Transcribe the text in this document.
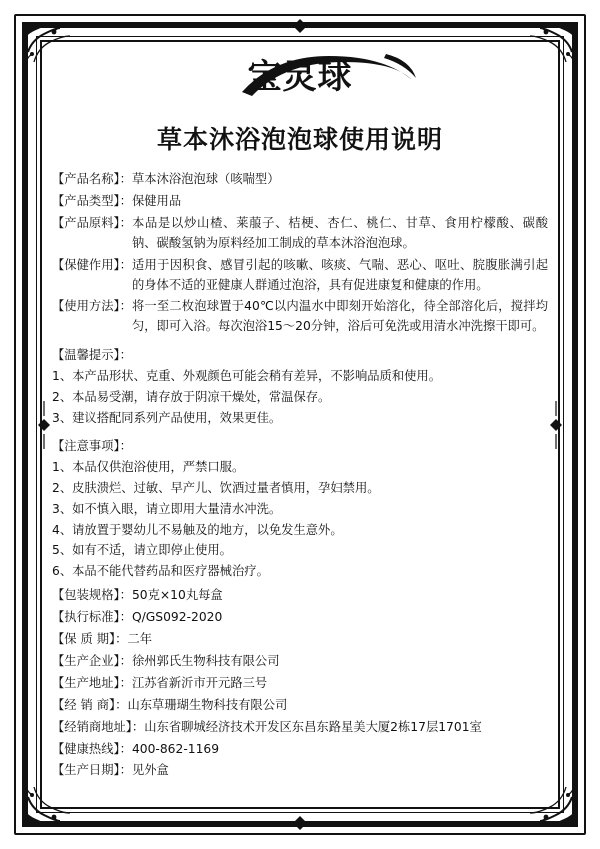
宝灵球
草本沐浴泡泡球使用说明
【产品名称】： 草本沐浴泡泡球（咳喘型）
【产品类型】： 保健用品
【产品原料】： 本品是以炒山楂、莱菔子、桔梗、杏仁、桃仁、甘草、食用柠檬酸、碳酸钠、碳酸氢钠为原料经加工制成的草本沐浴泡泡球。
【保健作用】： 适用于因积食、感冒引起的咳嗽、咳痰、气喘、恶心、呕吐、脘腹胀满引起的身体不适的亚健康人群通过泡浴，具有促进康复和健康的作用。
【使用方法】： 将一至二枚泡球置于40℃以内温水中即刻开始溶化，待全部溶化后，搅拌均匀，即可入浴。每次泡浴15～20分钟，浴后可免洗或用清水冲洗擦干即可。
【温馨提示】：
1、本产品形状、克重、外观颜色可能会稍有差异，不影响品质和使用。
2、本品易受潮，请存放于阴凉干燥处，常温保存。
3、建议搭配同系列产品使用，效果更佳。
【注意事项】：
1、本品仅供泡浴使用，严禁口服。
2、皮肤溃烂、过敏、早产儿、饮酒过量者慎用，孕妇禁用。
3、如不慎入眼，请立即用大量清水冲洗。
4、请放置于婴幼儿不易触及的地方，以免发生意外。
5、如有不适，请立即停止使用。
6、本品不能代替药品和医疗器械治疗。
【包装规格】： 50克×10丸每盒
【执行标准】： Q/GS092-2020
【保 质 期】： 二年
【生产企业】： 徐州郭氏生物科技有限公司
【生产地址】： 江苏省新沂市开元路三号
【经 销 商】： 山东草珊瑚生物科技有限公司
【经销商地址】： 山东省聊城经济技术开发区东昌东路星美大厦2栋17层1701室
【健康热线】： 400-862-1169
【生产日期】： 见外盒
